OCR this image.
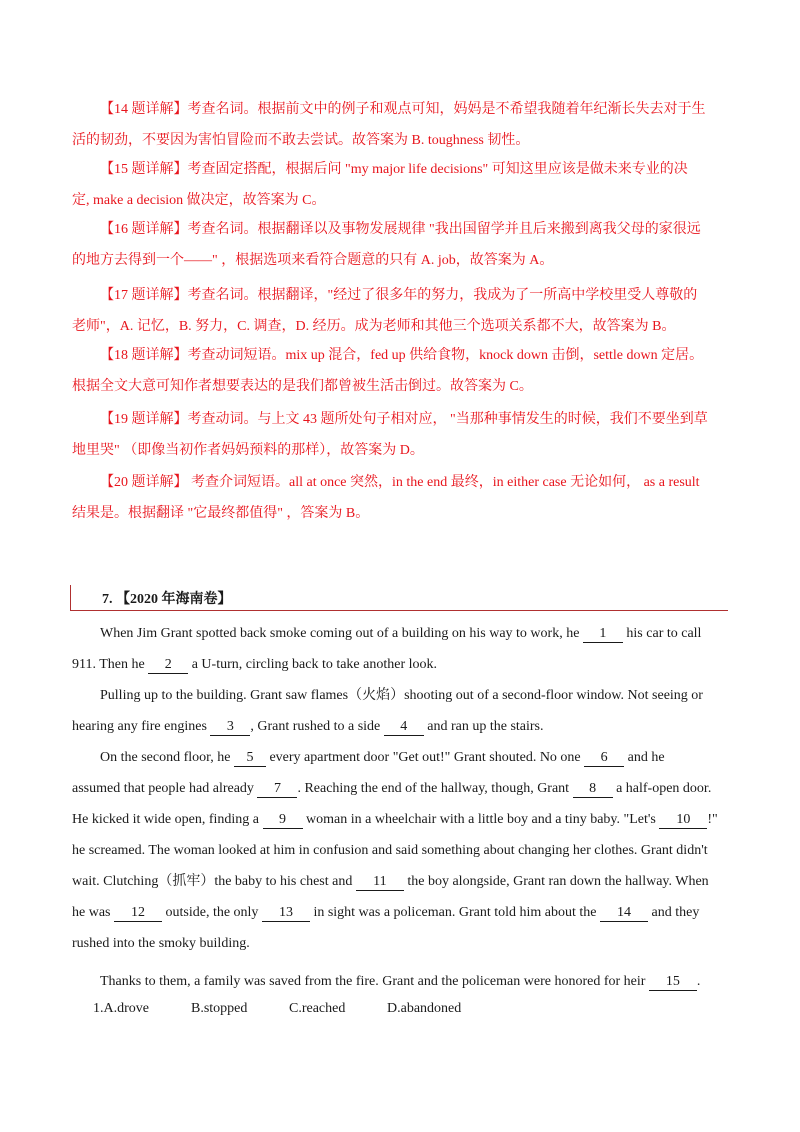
【14 题详解】考查名词。根据前文中的例子和观点可知，妈妈是不希望我随着年纪渐长失去对于生
活的韧劲，不要因为害怕冒险而不敢去尝试。故答案为 B. toughness 韧性。

【15 题详解】考查固定搭配，根据后问 "my major life decisions" 可知这里应该是做未来专业的决
定, make a decision 做决定，故答案为 C。

【16 题详解】考查名词。根据翻译以及事物发展规律 "我出国留学并且后来搬到离我父母的家很远
的地方去得到一个——" ，根据选项来看符合题意的只有 A. job，故答案为 A。

【17 题详解】考查名词。根据翻译，"经过了很多年的努力，我成为了一所高中学校里受人尊敬的
老师"，A. 记忆，B. 努力，C. 调查，D. 经历。成为老师和其他三个选项关系都不大，故答案为 B。

【18 题详解】考查动词短语。mix up 混合，fed up 供给食物，knock down 击倒，settle down 定居。
根据全文大意可知作者想要表达的是我们都曾被生活击倒过。故答案为 C。

【19 题详解】考查动词。与上文 43 题所处句子相对应， "当那种事情发生的时候，我们不要坐到草
地里哭" （即像当初作者妈妈预料的那样），故答案为 D。

【20 题详解】 考查介词短语。all at once 突然，in the end 最终，in either case 无论如何， as a result
结果是。根据翻译 "它最终都值得" ，答案为 B。

7. 【2020 年海南卷】

When Jim Grant spotted back smoke coming out of a building on his way to work, he 1 his car to call
911. Then he 2 a U-turn, circling back to take another look.

Pulling up to the building. Grant saw flames（火焰）shooting out of a second-floor window. Not seeing or
hearing any fire engines 3 , Grant rushed to a side 4 and ran up the stairs.

On the second floor, he 5 every apartment door "Get out!" Grant shouted. No one 6 and he
assumed that people had already 7 . Reaching the end of the hallway, though, Grant 8 a half-open door.
He kicked it wide open, finding a 9 woman in a wheelchair with a little boy and a tiny baby. "Let's 10 !"
he screamed. The woman looked at him in confusion and said something about changing her clothes. Grant didn't
wait. Clutching（抓牢）the baby to his chest and 11 the boy alongside, Grant ran down the hallway. When
he was 12 outside, the only 13 in sight was a policeman. Grant told him about the 14 and they
rushed into the smoky building.

Thanks to them, a family was saved from the fire. Grant and the policeman were honored for heir 15 .

1.A.drove	B.stopped	C.reached	D.abandoned
